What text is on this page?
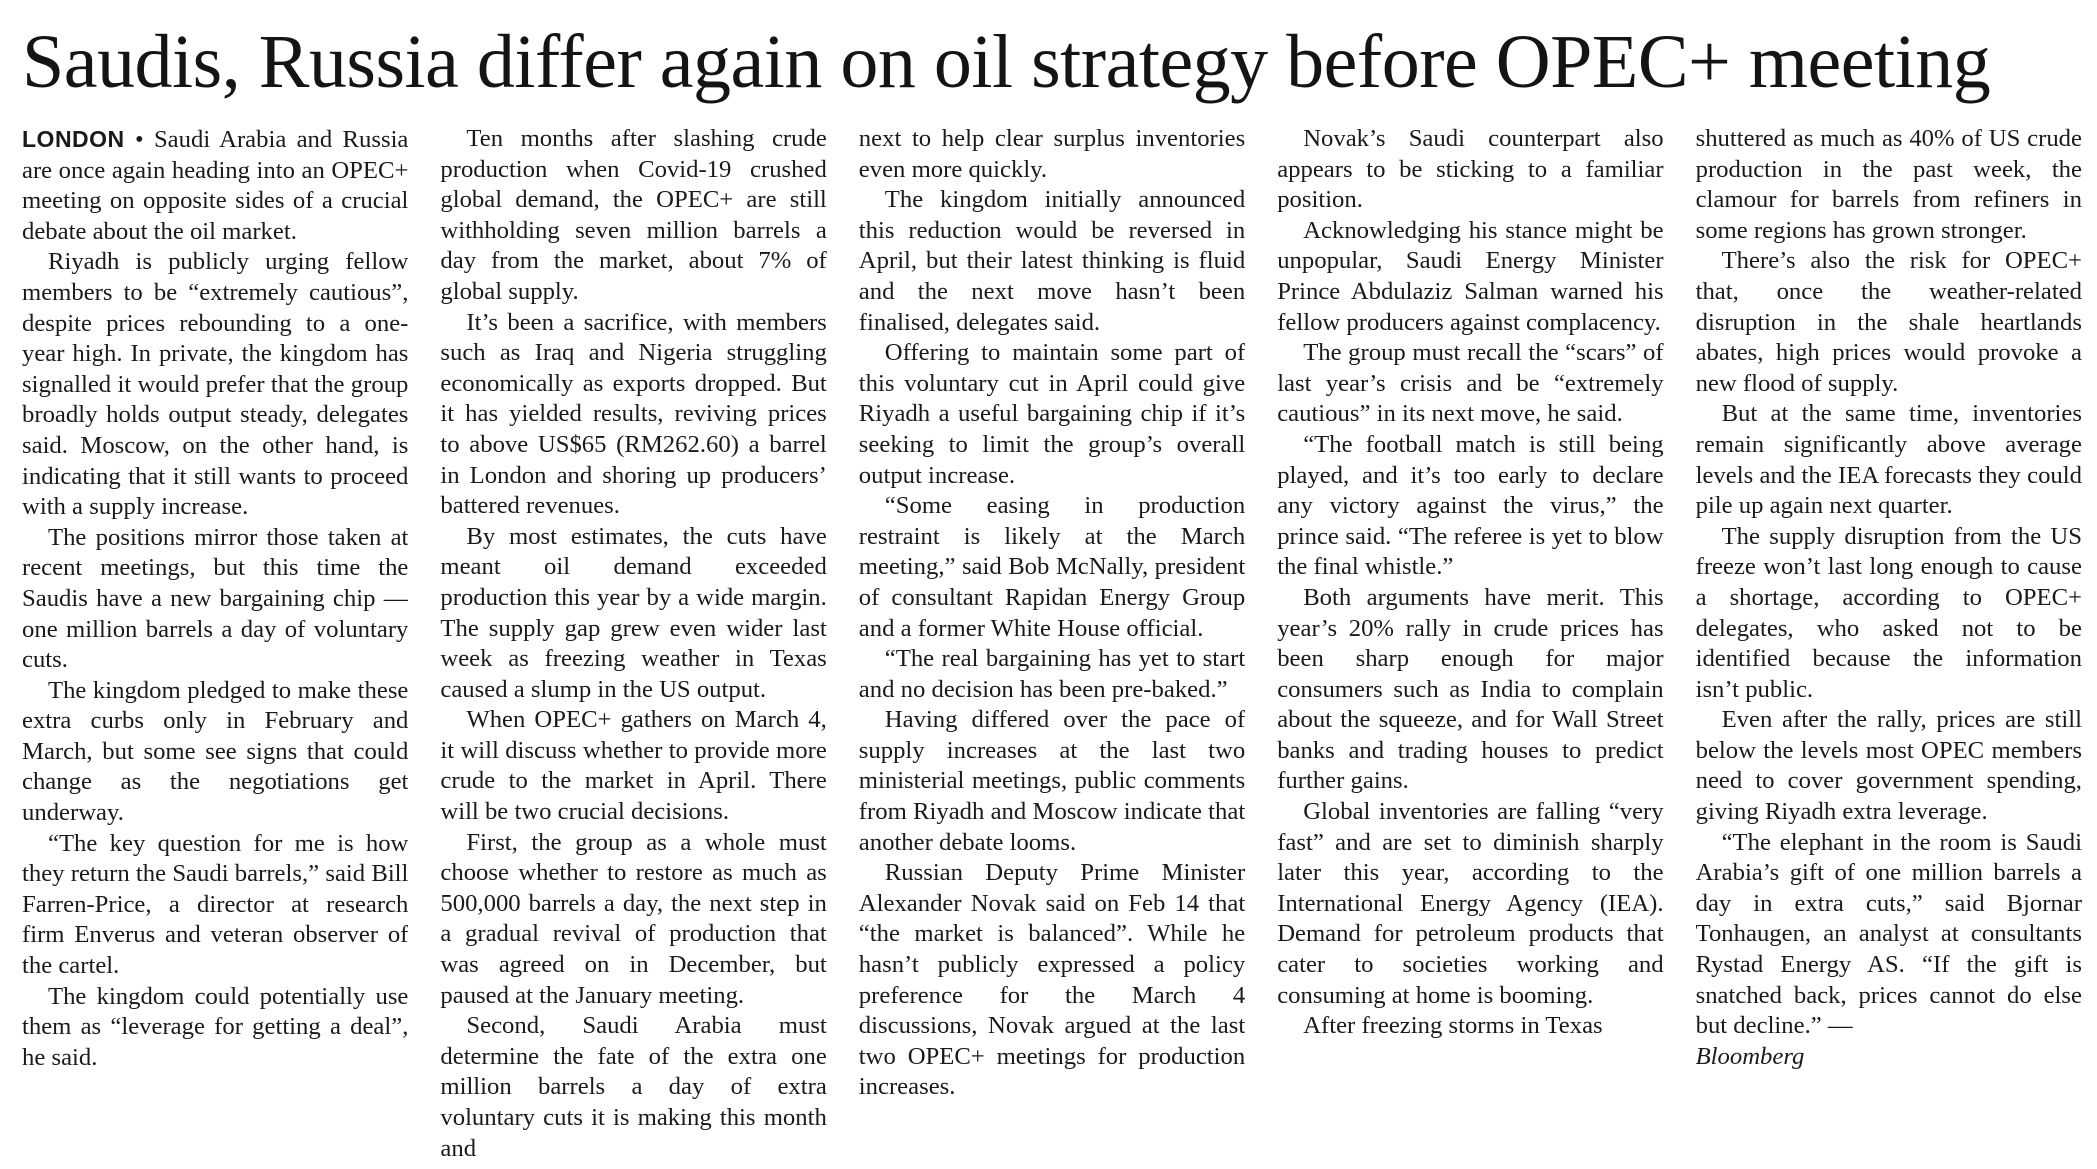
Saudis, Russia differ again on oil strategy before OPEC+ meeting

LONDON • Saudi Arabia and Russia are once again heading into an OPEC+ meeting on opposite sides of a crucial debate about the oil market.

Riyadh is publicly urging fellow members to be “extremely cautious”, despite prices rebounding to a one-year high. In private, the kingdom has signalled it would prefer that the group broadly holds output steady, delegates said. Moscow, on the other hand, is indicating that it still wants to proceed with a supply increase.

The positions mirror those taken at recent meetings, but this time the Saudis have a new bargaining chip — one million barrels a day of voluntary cuts.

The kingdom pledged to make these extra curbs only in February and March, but some see signs that could change as the negotiations get underway.

“The key question for me is how they return the Saudi barrels,” said Bill Farren-Price, a director at research firm Enverus and veteran observer of the cartel.

The kingdom could potentially use them as “leverage for getting a deal”, he said.

Ten months after slashing crude production when Covid-19 crushed global demand, the OPEC+ are still withholding seven million barrels a day from the market, about 7% of global supply.

It’s been a sacrifice, with members such as Iraq and Nigeria struggling economically as exports dropped. But it has yielded results, reviving prices to above US$65 (RM262.60) a barrel in London and shoring up producers’ battered revenues.

By most estimates, the cuts have meant oil demand exceeded production this year by a wide margin. The supply gap grew even wider last week as freezing weather in Texas caused a slump in the US output.

When OPEC+ gathers on March 4, it will discuss whether to provide more crude to the market in April. There will be two crucial decisions.

First, the group as a whole must choose whether to restore as much as 500,000 barrels a day, the next step in a gradual revival of production that was agreed on in December, but paused at the January meeting.

Second, Saudi Arabia must determine the fate of the extra one million barrels a day of extra voluntary cuts it is making this month and

next to help clear surplus inventories even more quickly.

The kingdom initially announced this reduction would be reversed in April, but their latest thinking is fluid and the next move hasn’t been finalised, delegates said.

Offering to maintain some part of this voluntary cut in April could give Riyadh a useful bargaining chip if it’s seeking to limit the group’s overall output increase.

“Some easing in production restraint is likely at the March meeting,” said Bob McNally, president of consultant Rapidan Energy Group and a former White House official.

“The real bargaining has yet to start and no decision has been pre-baked.”

Having differed over the pace of supply increases at the last two ministerial meetings, public comments from Riyadh and Moscow indicate that another debate looms.

Russian Deputy Prime Minister Alexander Novak said on Feb 14 that “the market is balanced”. While he hasn’t publicly expressed a policy preference for the March 4 discussions, Novak argued at the last two OPEC+ meetings for production increases.

Novak’s Saudi counterpart also appears to be sticking to a familiar position.

Acknowledging his stance might be unpopular, Saudi Energy Minister Prince Abdulaziz Salman warned his fellow producers against complacency.

The group must recall the “scars” of last year’s crisis and be “extremely cautious” in its next move, he said.

“The football match is still being played, and it’s too early to declare any victory against the virus,” the prince said. “The referee is yet to blow the final whistle.”

Both arguments have merit. This year’s 20% rally in crude prices has been sharp enough for major consumers such as India to complain about the squeeze, and for Wall Street banks and trading houses to predict further gains.

Global inventories are falling “very fast” and are set to diminish sharply later this year, according to the International Energy Agency (IEA). Demand for petroleum products that cater to societies working and consuming at home is booming.

After freezing storms in Texas

shuttered as much as 40% of US crude production in the past week, the clamour for barrels from refiners in some regions has grown stronger.

There’s also the risk for OPEC+ that, once the weather-related disruption in the shale heartlands abates, high prices would provoke a new flood of supply.

But at the same time, inventories remain significantly above average levels and the IEA forecasts they could pile up again next quarter.

The supply disruption from the US freeze won’t last long enough to cause a shortage, according to OPEC+ delegates, who asked not to be identified because the information isn’t public.

Even after the rally, prices are still below the levels most OPEC members need to cover government spending, giving Riyadh extra leverage.

“The elephant in the room is Saudi Arabia’s gift of one million barrels a day in extra cuts,” said Bjornar Tonhaugen, an analyst at consultants Rystad Energy AS. “If the gift is snatched back, prices cannot do else but decline.” —

Bloomberg
